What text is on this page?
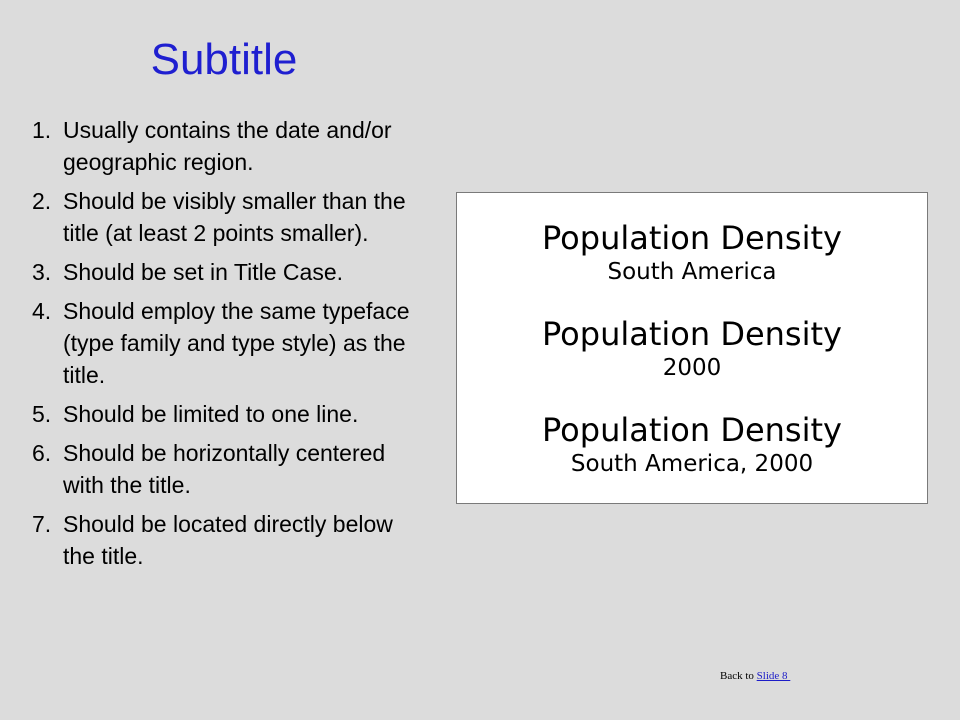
Subtitle
1. Usually contains the date and/or geographic region.
2. Should be visibly smaller than the title (at least 2 points smaller).
3. Should be set in Title Case.
4. Should employ the same typeface (type family and type style) as the title.
5. Should be limited to one line.
6. Should be horizontally centered with the title.
7. Should be located directly below the title.
Population Density
South America
Population Density
2000
Population Density
South America, 2000
Back to Slide 8
